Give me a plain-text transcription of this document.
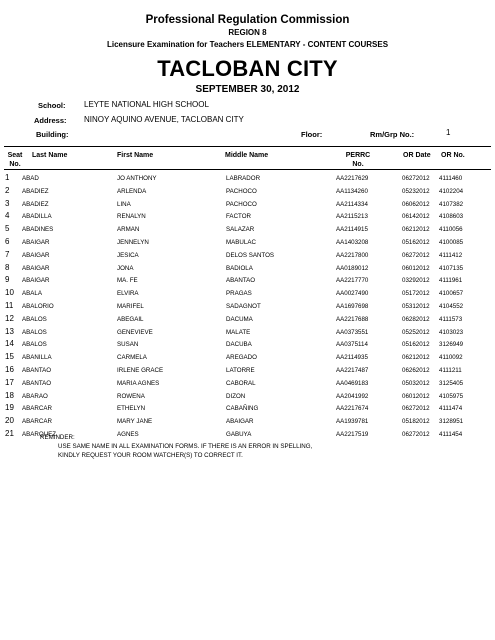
Professional Regulation Commission
REGION 8
Licensure Examination for Teachers ELEMENTARY - CONTENT COURSES
TACLOBAN CITY
SEPTEMBER 30, 2012
School: LEYTE NATIONAL HIGH SCHOOL
Address: NINOY AQUINO AVENUE, TACLOBAN CITY
Building:	Floor:	Rm/Grp No.:	1
Seat
No.
Last Name	First Name	Middle Name	PERRC
No.
OR Date OR No.
1 ABAD	JO ANTHONY	LABRADOR	AA2217629	06272012 4111460
2 ABADIEZ	ARLENDA	PACHOCO	AA1134260	05232012 4102204
3 ABADIEZ	LINA	PACHOCO	AA2114334	06062012 4107382
4 ABADILLA	RENALYN	FACTOR	AA2115213	06142012 4108603
5 ABADINES	ARMAN	SALAZAR	AA2114915	06212012 4110056
6 ABAIGAR	JENNELYN	MABULAC	AA1403208	05162012 4100085
7 ABAIGAR	JESICA	DELOS SANTOS	AA2217800	06272012 4111412
8 ABAIGAR	JONA	BADIOLA	AA0189012	06012012 4107135
9 ABAIGAR	MA. FE	ABANTAO	AA2217770	03292012 4111961
10 ABALA	ELVIRA	PRAGAS	AA0027490	05172012 4100657
11 ABALORIO	MARIFEL	SADAGNOT	AA1697698	05312012 4104552
12 ABALOS	ABEGAIL	DACUMA	AA2217688	06282012 4111573
13 ABALOS	GENEVIEVE	MALATE	AA0373551	05252012 4103023
14 ABALOS	SUSAN	DACUBA	AA0375114	05162012 3126949
15 ABANILLA	CARMELA	AREGADO	AA2114935	06212012 4110092
16 ABANTAO	IRLENE GRACE	LATORRE	AA2217487	06262012 4111211
17 ABANTAO	MARIA AGNES	CABORAL	AA0469183	05032012 3125405
18 ABARAO	ROWENA	DIZON	AA2041992	06012012 4105975
19 ABARCAR	ETHELYN	CABAÑING	AA2217674	06272012 4111474
20 ABARCAR	MARY JANE	ABAIGAR	AA1939781	05182012 3128951
21 ABARQUEZ	AGNES	GABUYA	AA2217519	06272012 4111454
REMINDER:
USE SAME NAME IN ALL EXAMINATION FORMS. IF THERE IS AN ERROR IN SPELLING,
KINDLY REQUEST YOUR ROOM WATCHER(S) TO CORRECT IT.
